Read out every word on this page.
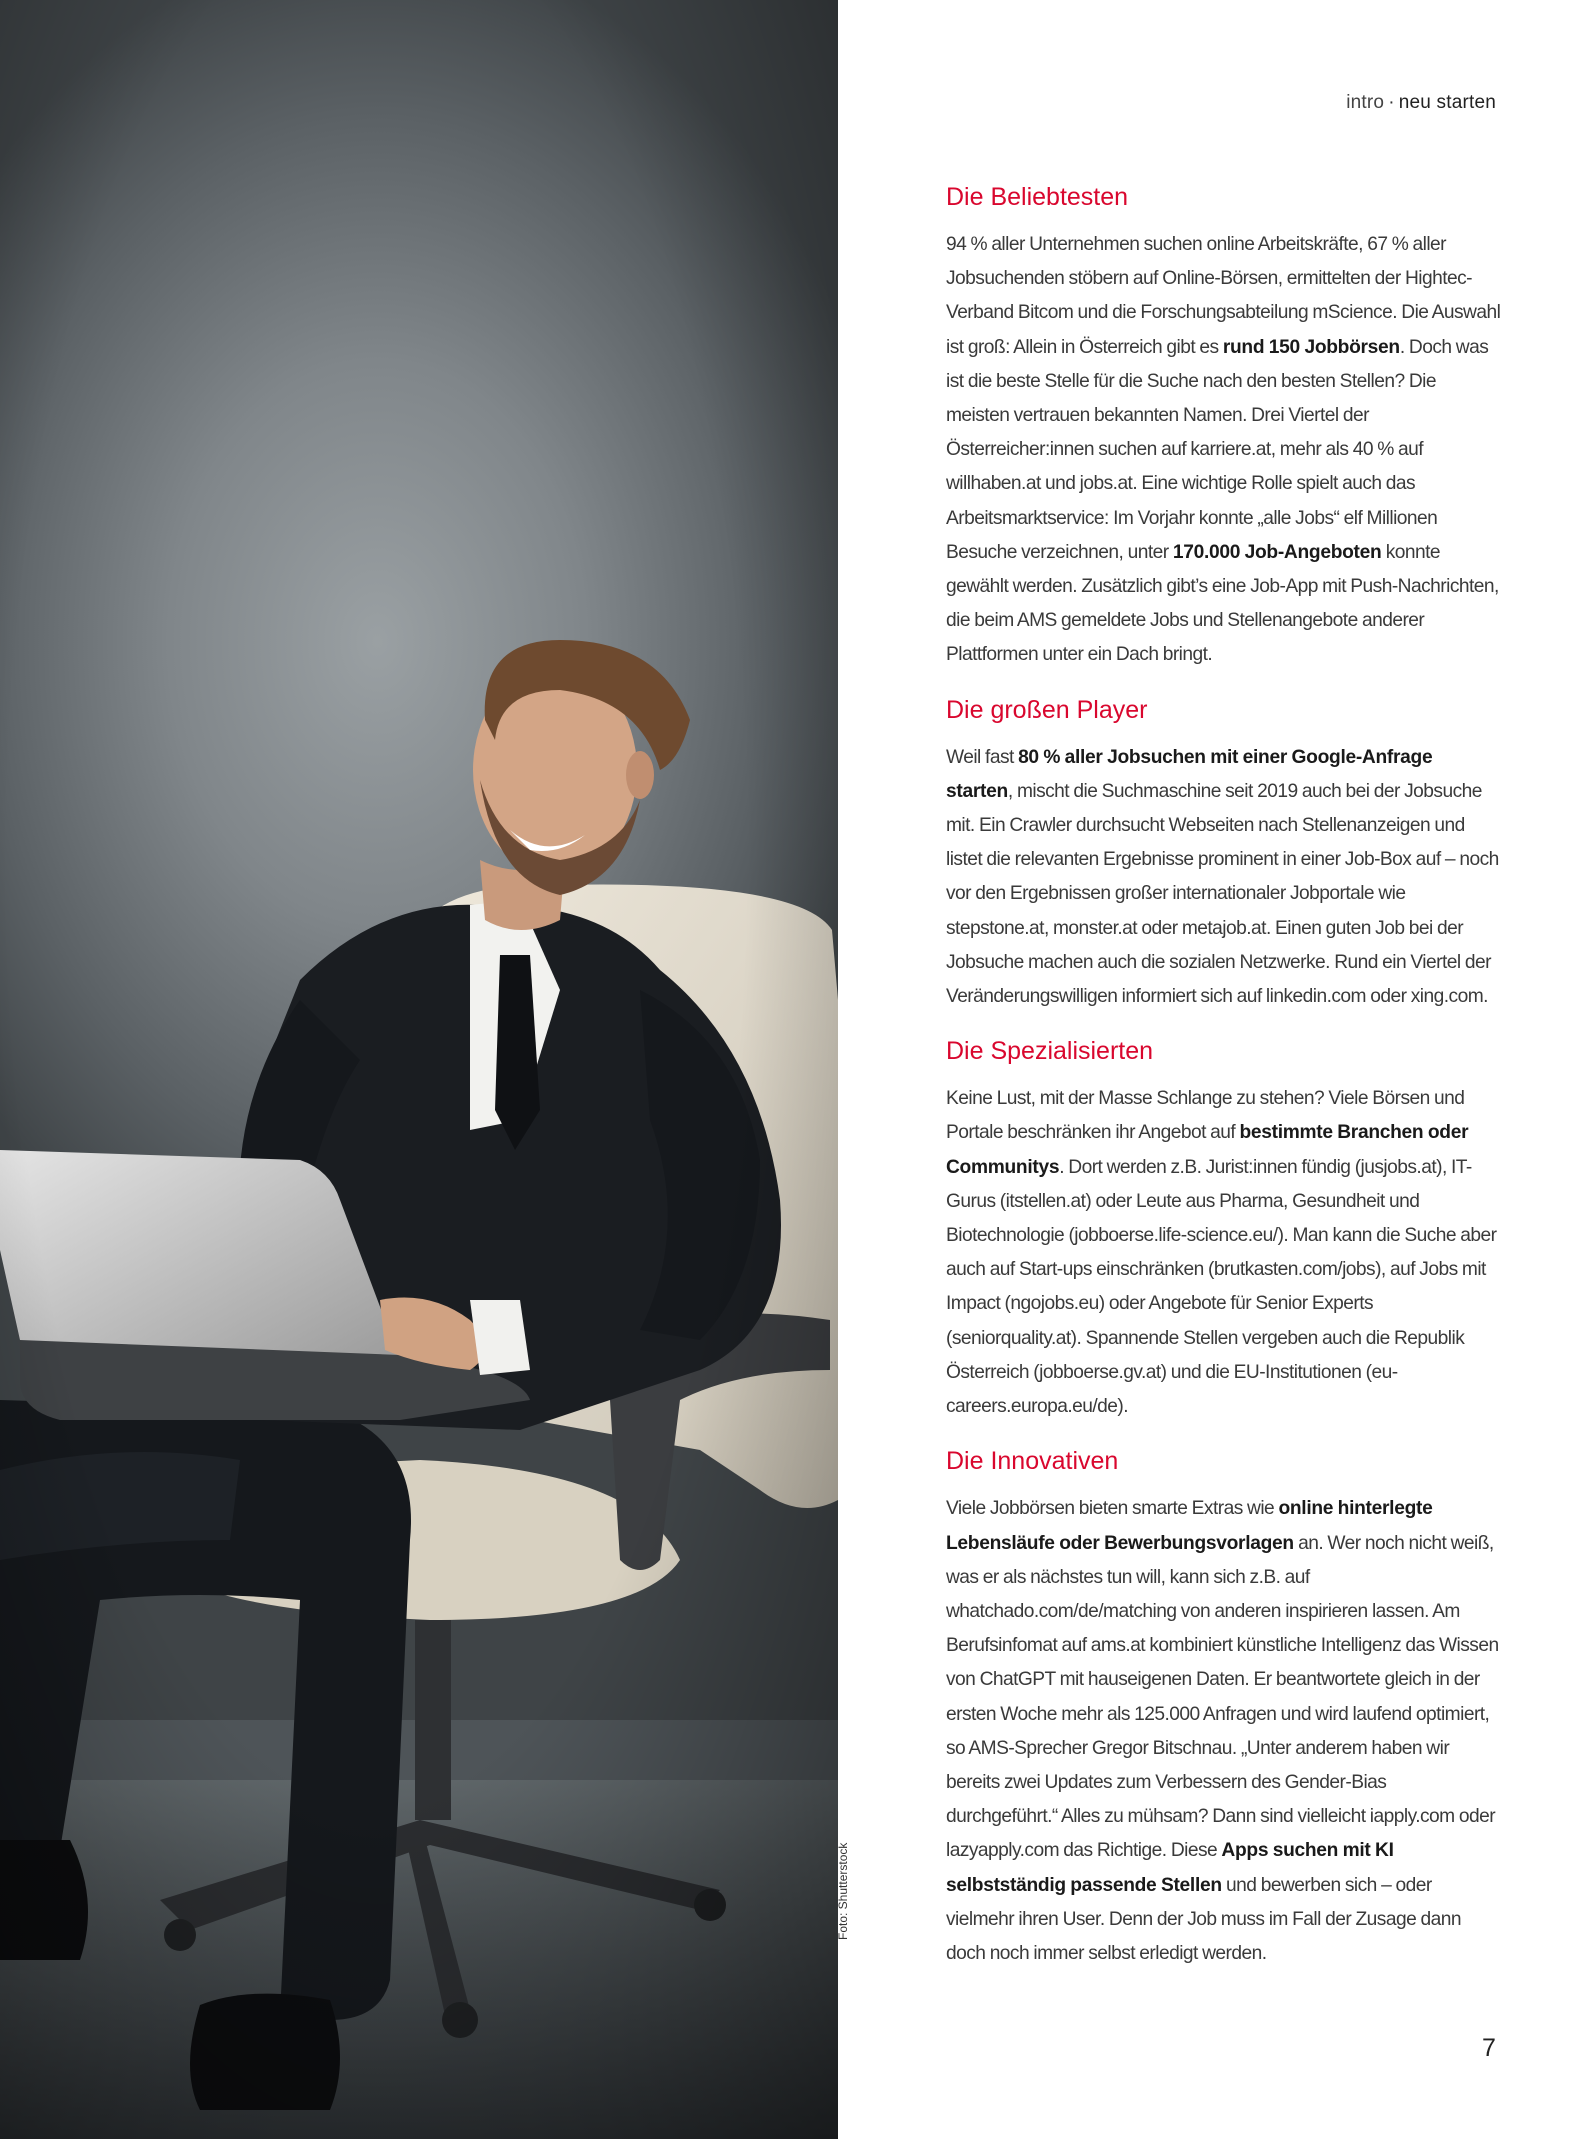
Foto: Shutterstock
intro · neu starten
Die Beliebtesten

94 % aller Unternehmen suchen online Arbeitskräfte, 67 % aller Jobsuchenden stöbern auf Online-Börsen, ermittelten der Hightec-Verband Bitcom und die Forschungsabteilung mScience. Die Auswahl ist groß: Allein in Österreich gibt es rund 150 Jobbörsen. Doch was ist die beste Stelle für die Suche nach den besten Stellen? Die meisten vertrauen bekannten Namen. Drei Viertel der Österreicher:innen suchen auf karriere.at, mehr als 40 % auf willhaben.at und jobs.at. Eine wichtige Rolle spielt auch das Arbeitsmarktservice: Im Vorjahr konnte „alle Jobs“ elf Millionen Besuche verzeichnen, unter 170.000 Job-Angeboten konnte gewählt werden. Zusätzlich gibt’s eine Job-App mit Push-Nachrichten, die beim AMS gemeldete Jobs und Stellenangebote anderer Plattformen unter ein Dach bringt.

Die großen Player

Weil fast 80 % aller Jobsuchen mit einer Google-Anfrage starten, mischt die Suchmaschine seit 2019 auch bei der Jobsuche mit. Ein Crawler durchsucht Webseiten nach Stellenanzeigen und listet die relevanten Ergebnisse prominent in einer Job-Box auf – noch vor den Ergebnissen großer internationaler Jobportale wie stepstone.at, monster.at oder metajob.at. Einen guten Job bei der Jobsuche machen auch die sozialen Netzwerke. Rund ein Viertel der Veränderungswilligen informiert sich auf linkedin.com oder xing.com.

Die Spezialisierten

Keine Lust, mit der Masse Schlange zu stehen? Viele Börsen und Portale beschränken ihr Angebot auf bestimmte Branchen oder Communitys. Dort werden z.B. Jurist:innen fündig (jusjobs.at), IT-Gurus (itstellen.at) oder Leute aus Pharma, Gesundheit und Biotechnologie (jobboerse.life-science.eu/). Man kann die Suche aber auch auf Start-ups einschränken (brutkasten.com/jobs), auf Jobs mit Impact (ngojobs.eu) oder Angebote für Senior Experts (seniorquality.at). Spannende Stellen vergeben auch die Republik Österreich (jobboerse.gv.at) und die EU-Institutionen (eu-careers.europa.eu/de).

Die Innovativen

Viele Jobbörsen bieten smarte Extras wie online hinterlegte Lebensläufe oder Bewerbungsvorlagen an. Wer noch nicht weiß, was er als nächstes tun will, kann sich z.B. auf whatchado.com/de/matching von anderen inspirieren lassen. Am Berufsinfomat auf ams.at kombiniert künstliche Intelligenz das Wissen von ChatGPT mit hauseigenen Daten. Er beantwortete gleich in der ersten Woche mehr als 125.000 Anfragen und wird laufend optimiert, so AMS-Sprecher Gregor Bitschnau. „Unter anderem haben wir bereits zwei Updates zum Verbessern des Gender-Bias durchgeführt.“ Alles zu mühsam? Dann sind vielleicht iapply.com oder lazyapply.com das Richtige. Diese Apps suchen mit KI selbstständig passende Stellen und bewerben sich – oder vielmehr ihren User. Denn der Job muss im Fall der Zusage dann doch noch immer selbst erledigt werden.

7
